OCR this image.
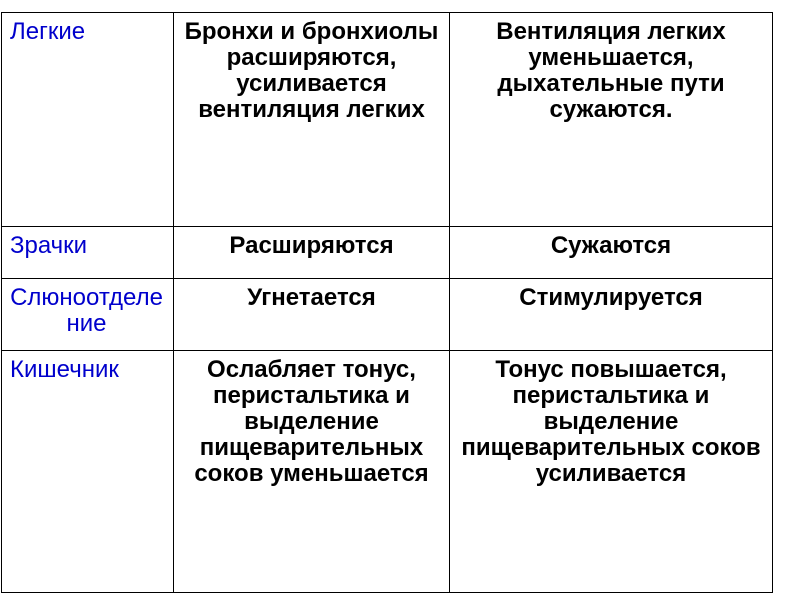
Легкие	Бронхи и бронхиолы расширяются, усиливается вентиляция легких	Вентиляция легких уменьшается, дыхательные пути сужаются.
Зрачки	Расширяются	Сужаются
Слюноотделение	Угнетается	Стимулируется
Кишечник	Ослабляет тонус, перистальтика и выделение пищеварительных соков уменьшается	Тонус повышается, перистальтика и выделение пищеварительных соков усиливается
